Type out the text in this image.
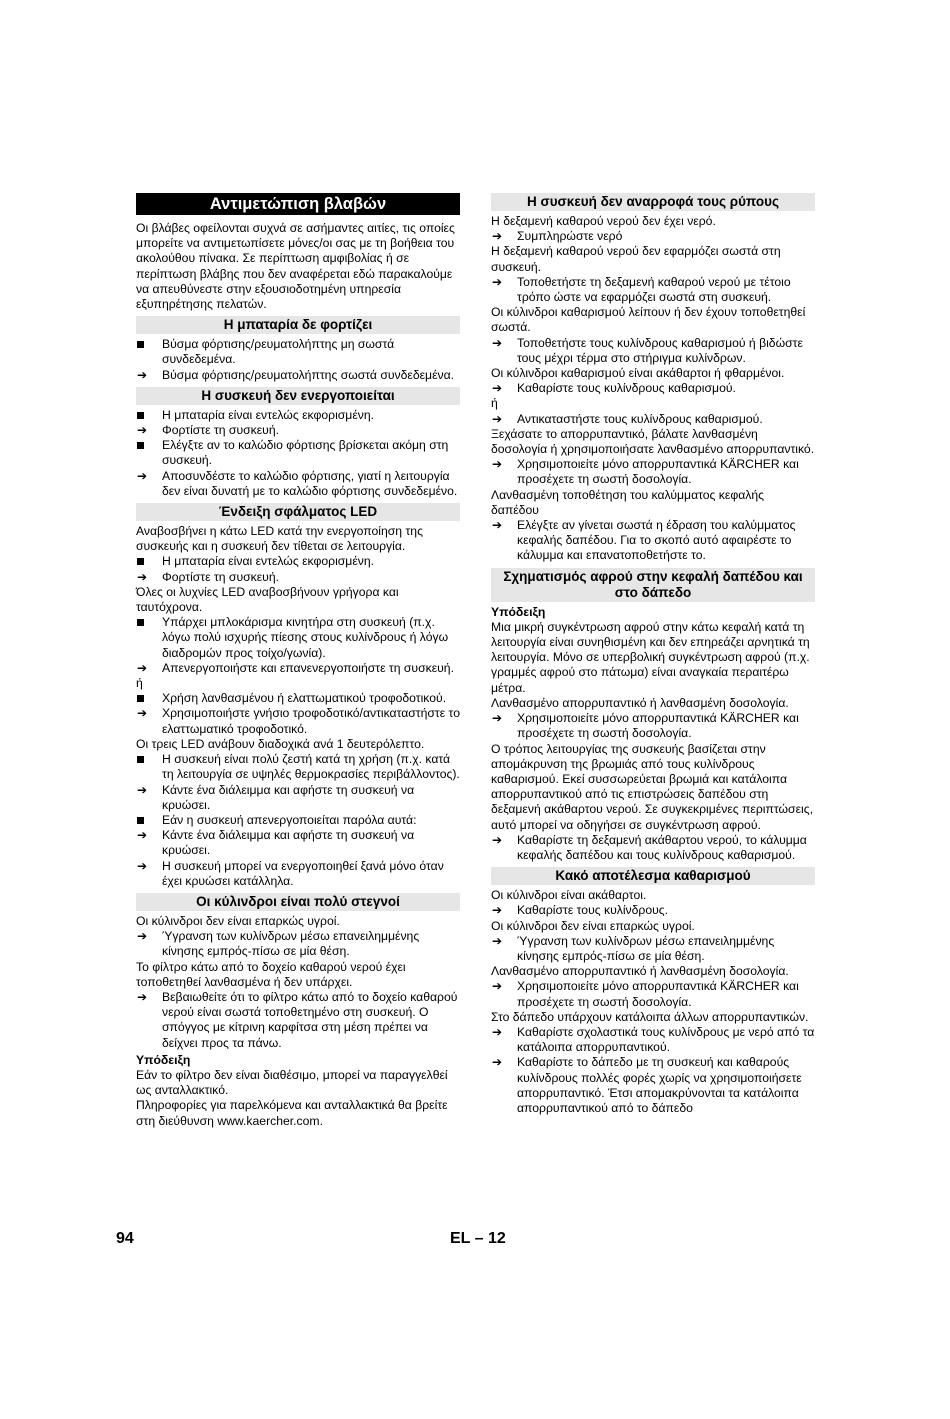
Αντιμετώπιση βλαβών
Οι βλάβες οφείλονται συχνά σε ασήμαντες αιτίες, τις οποίες μπορείτε να αντιμετωπίσετε μόνες/οι σας με τη βοήθεια του ακολούθου πίνακα. Σε περίπτωση αμφιβολίας ή σε περίπτωση βλάβης που δεν αναφέρεται εδώ παρακαλούμε να απευθύνεστε στην εξουσιοδοτημένη υπηρεσία εξυπηρέτησης πελατών.
Η μπαταρία δε φορτίζει
Βύσμα φόρτισης/ρευματολήπτης μη σωστά συνδεδεμένα.
➔ Βύσμα φόρτισης/ρευματολήπτης σωστά συνδεδεμένα.
Η συσκευή δεν ενεργοποιείται
Η μπαταρία είναι εντελώς εκφορισμένη.
➔ Φορτίστε τη συσκευή.
Ελέγξτε αν το καλώδιο φόρτισης βρίσκεται ακόμη στη συσκευή.
➔ Αποσυνδέστε το καλώδιο φόρτισης, γιατί η λειτουργία δεν είναι δυνατή με το καλώδιο φόρτισης συνδεδεμένο.
Ένδειξη σφάλματος LED
Αναβοσβήνει η κάτω LED κατά την ενεργοποίηση της συσκευής και η συσκευή δεν τίθεται σε λειτουργία.
Η μπαταρία είναι εντελώς εκφορισμένη.
➔ Φορτίστε τη συσκευή.
Όλες οι λυχνίες LED αναβοσβήνουν γρήγορα και ταυτόχρονα.
Υπάρχει μπλοκάρισμα κινητήρα στη συσκευή (π.χ. λόγω πολύ ισχυρής πίεσης στους κυλίνδρους ή λόγω διαδρομών προς τοίχο/γωνία).
➔ Απενεργοποιήστε και επανενεργοποιήστε τη συσκευή.
ή
Χρήση λανθασμένου ή ελαττωματικού τροφοδοτικού.
➔ Χρησιμοποιήστε γνήσιο τροφοδοτικό/αντικαταστήστε το ελαττωματικό τροφοδοτικό.
Οι τρεις LED ανάβουν διαδοχικά ανά 1 δευτερόλεπτο.
Η συσκευή είναι πολύ ζεστή κατά τη χρήση (π.χ. κατά τη λειτουργία σε υψηλές θερμοκρασίες περιβάλλοντος).
➔ Κάντε ένα διάλειμμα και αφήστε τη συσκευή να κρυώσει.
Εάν η συσκευή απενεργοποιείται παρόλα αυτά:
➔ Κάντε ένα διάλειμμα και αφήστε τη συσκευή να κρυώσει.
➔ Η συσκευή μπορεί να ενεργοποιηθεί ξανά μόνο όταν έχει κρυώσει κατάλληλα.
Οι κύλινδροι είναι πολύ στεγνοί
Οι κύλινδροι δεν είναι επαρκώς υγροί.
➔ Ύγρανση των κυλίνδρων μέσω επανειλημμένης κίνησης εμπρός-πίσω σε μία θέση.
Το φίλτρο κάτω από το δοχείο καθαρού νερού έχει τοποθετηθεί λανθασμένα ή δεν υπάρχει.
➔ Βεβαιωθείτε ότι το φίλτρο κάτω από το δοχείο καθαρού νερού είναι σωστά τοποθετημένο στη συσκευή. Ο σπόγγος με κίτρινη καρφίτσα στη μέση πρέπει να δείχνει προς τα πάνω.
Υπόδειξη
Εάν το φίλτρο δεν είναι διαθέσιμο, μπορεί να παραγγελθεί ως ανταλλακτικό.
Πληροφορίες για παρελκόμενα και ανταλλακτικά θα βρείτε στη διεύθυνση www.kaercher.com.
Η συσκευή δεν αναρροφά τους ρύπους
Η δεξαμενή καθαρού νερού δεν έχει νερό.
➔ Συμπληρώστε νερό
Η δεξαμενή καθαρού νερού δεν εφαρμόζει σωστά στη συσκευή.
➔ Τοποθετήστε τη δεξαμενή καθαρού νερού με τέτοιο τρόπο ώστε να εφαρμόζει σωστά στη συσκευή.
Οι κύλινδροι καθαρισμού λείπουν ή δεν έχουν τοποθετηθεί σωστά.
➔ Τοποθετήστε τους κυλίνδρους καθαρισμού ή βιδώστε τους μέχρι τέρμα στο στήριγμα κυλίνδρων.
Οι κύλινδροι καθαρισμού είναι ακάθαρτοι ή φθαρμένοι.
➔ Καθαρίστε τους κυλίνδρους καθαρισμού.
ή
➔ Αντικαταστήστε τους κυλίνδρους καθαρισμού.
Ξεχάσατε το απορρυπαντικό, βάλατε λανθασμένη δοσολογία ή χρησιμοποιήσατε λανθασμένο απορρυπαντικό.
➔ Χρησιμοποιείτε μόνο απορρυπαντικά KÄRCHER και προσέχετε τη σωστή δοσολογία.
Λανθασμένη τοποθέτηση του καλύμματος κεφαλής δαπέδου
➔ Ελέγξτε αν γίνεται σωστά η έδραση του καλύμματος κεφαλής δαπέδου. Για το σκοπό αυτό αφαιρέστε το κάλυμμα και επανατοποθετήστε το.
Σχηματισμός αφρού στην κεφαλή δαπέδου και στο δάπεδο
Υπόδειξη
Μια μικρή συγκέντρωση αφρού στην κάτω κεφαλή κατά τη λειτουργία είναι συνηθισμένη και δεν επηρεάζει αρνητικά τη λειτουργία. Μόνο σε υπερβολική συγκέντρωση αφρού (π.χ. γραμμές αφρού στο πάτωμα) είναι αναγκαία περαιτέρω μέτρα.
Λανθασμένο απορρυπαντικό ή λανθασμένη δοσολογία.
➔ Χρησιμοποιείτε μόνο απορρυπαντικά KÄRCHER και προσέχετε τη σωστή δοσολογία.
Ο τρόπος λειτουργίας της συσκευής βασίζεται στην απομάκρυνση της βρωμιάς από τους κυλίνδρους καθαρισμού. Εκεί συσσωρεύεται βρωμιά και κατάλοιπα απορρυπαντικού από τις επιστρώσεις δαπέδου στη δεξαμενή ακάθαρτου νερού. Σε συγκεκριμένες περιπτώσεις, αυτό μπορεί να οδηγήσει σε συγκέντρωση αφρού.
➔ Καθαρίστε τη δεξαμενή ακάθαρτου νερού, το κάλυμμα κεφαλής δαπέδου και τους κυλίνδρους καθαρισμού.
Κακό αποτέλεσμα καθαρισμού
Οι κύλινδροι είναι ακάθαρτοι.
➔ Καθαρίστε τους κυλίνδρους.
Οι κύλινδροι δεν είναι επαρκώς υγροί.
➔ Ύγρανση των κυλίνδρων μέσω επανειλημμένης κίνησης εμπρός-πίσω σε μία θέση.
Λανθασμένο απορρυπαντικό ή λανθασμένη δοσολογία.
➔ Χρησιμοποιείτε μόνο απορρυπαντικά KÄRCHER και προσέχετε τη σωστή δοσολογία.
Στο δάπεδο υπάρχουν κατάλοιπα άλλων απορρυπαντικών.
➔ Καθαρίστε σχολαστικά τους κυλίνδρους με νερό από τα κατάλοιπα απορρυπαντικού.
➔ Καθαρίστε το δάπεδο με τη συσκευή και καθαρούς κυλίνδρους πολλές φορές χωρίς να χρησιμοποιήσετε απορρυπαντικό. Έτσι απομακρύνονται τα κατάλοιπα απορρυπαντικού από το δάπεδο
94	EL – 12
